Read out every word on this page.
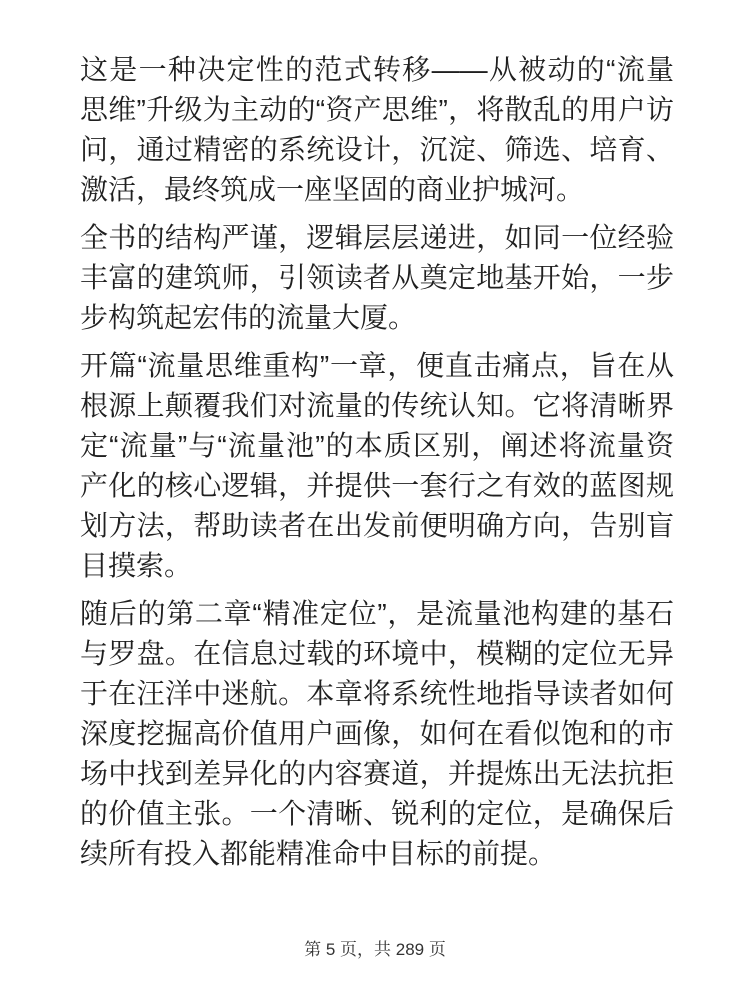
这是一种决定性的范式转移——从被动的“流量思维”升级为主动的“资产思维”，将散乱的用户访问，通过精密的系统设计，沉淀、筛选、培育、激活，最终筑成一座坚固的商业护城河。

全书的结构严谨，逻辑层层递进，如同一位经验丰富的建筑师，引领读者从奠定地基开始，一步步构筑起宏伟的流量大厦。

开篇“流量思维重构”一章，便直击痛点，旨在从根源上颠覆我们对流量的传统认知。它将清晰界定“流量”与“流量池”的本质区别，阐述将流量资产化的核心逻辑，并提供一套行之有效的蓝图规划方法，帮助读者在出发前便明确方向，告别盲目摸索。

随后的第二章“精准定位”，是流量池构建的基石与罗盘。在信息过载的环境中，模糊的定位无异于在汪洋中迷航。本章将系统性地指导读者如何深度挖掘高价值用户画像，如何在看似饱和的市场中找到差异化的内容赛道，并提炼出无法抗拒的价值主张。一个清晰、锐利的定位，是确保后续所有投入都能精准命中目标的前提。

第 5 页，共 289 页
